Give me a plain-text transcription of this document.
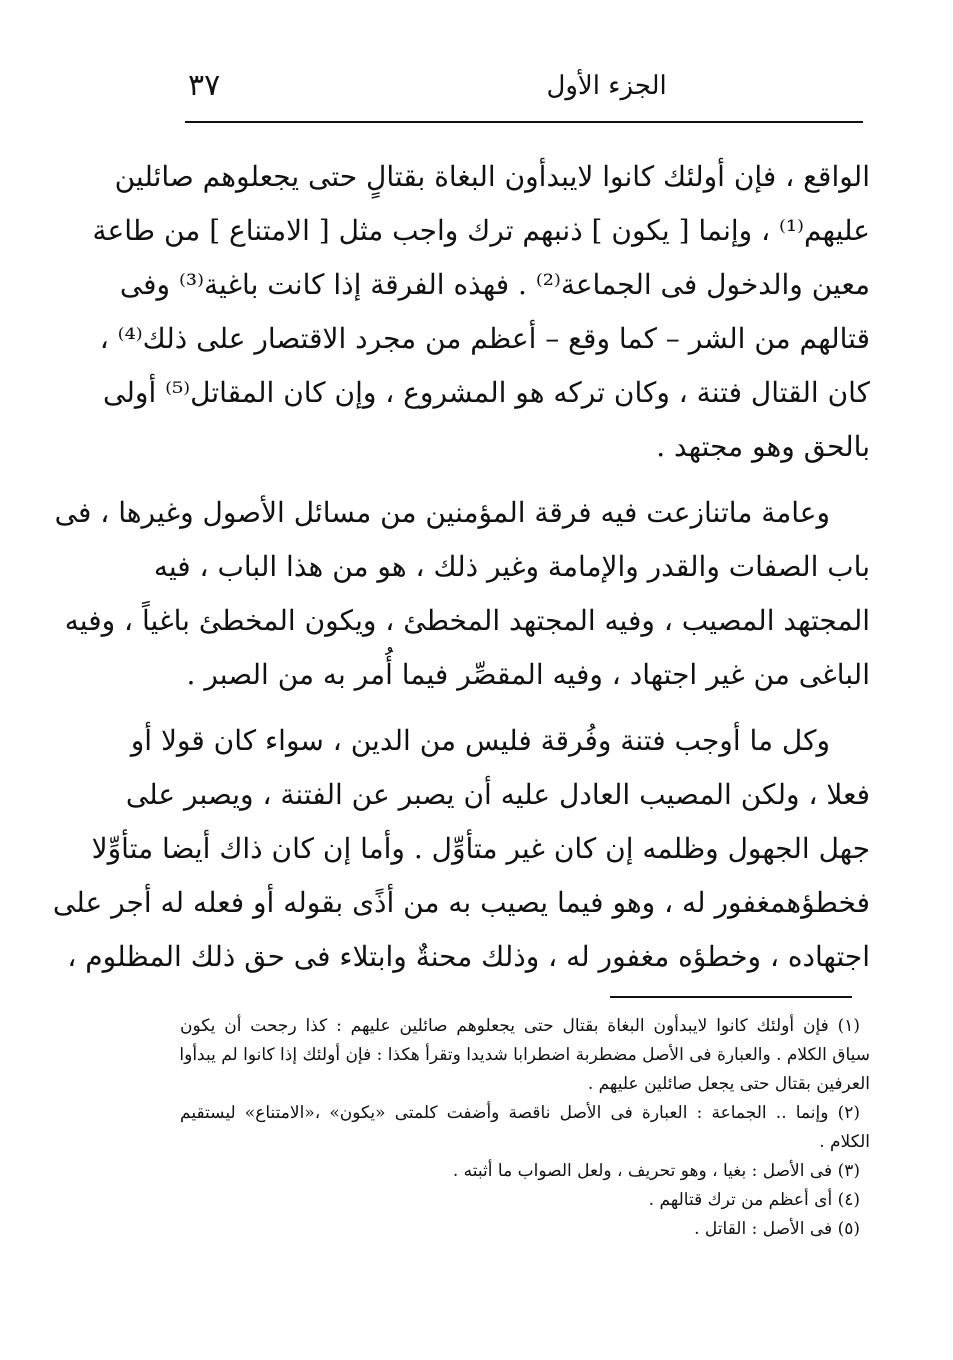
٣٧	الجزء الأول
الواقع ، فإن أولئك كانوا لايبدأون البغاة بقتالٍ حتى يجعلوهم صائلين
عليهم⁽¹⁾ ، وإنما [ يكون ] ذنبهم ترك واجب مثل [ الامتناع ] من طاعة
معين والدخول فى الجماعة⁽²⁾ . فهذه الفرقة إذا كانت باغية⁽³⁾ وفى
قتالهم من الشر – كما وقع – أعظم من مجرد الاقتصار على ذلك⁽⁴⁾ ،
كان القتال فتنة ، وكان تركه هو المشروع ، وإن كان المقاتل⁽⁵⁾ أولى
بالحق وهو مجتهد .
وعامة ماتنازعت فيه فرقة المؤمنين من مسائل الأصول وغيرها ، فى
باب الصفات والقدر والإمامة وغير ذلك ، هو من هذا الباب ، فيه
المجتهد المصيب ، وفيه المجتهد المخطئ ، ويكون المخطئ باغياً ، وفيه
الباغى من غير اجتهاد ، وفيه المقصِّر فيما أُمر به من الصبر .
وكل ما أوجب فتنة وفُرقة فليس من الدين ، سواء كان قولا أو
فعلا ، ولكن المصيب العادل عليه أن يصبر عن الفتنة ، ويصبر على
جهل الجهول وظلمه إن كان غير متأوِّل . وأما إن كان ذاك أيضا متأوِّلا
فخطؤهمغفور له ، وهو فيما يصيب به من أذًى بقوله أو فعله له أجر على
اجتهاده ، وخطؤه مغفور له ، وذلك محنةٌ وابتلاء فى حق ذلك المظلوم ،
(١) فإن أولئك كانوا لايبدأون البغاة بقتال حتى يجعلوهم صائلين عليهم : كذا رجحت أن يكون
سياق الكلام . والعبارة فى الأصل مضطربة اضطرابا شديدا وتقرأ هكذا : فإن أولئك إذا كانوا لم يبدأوا
العرفين بقتال حتى يجعل صائلين عليهم .
(٢) وإنما .. الجماعة : العبارة فى الأصل ناقصة وأضفت كلمتى «يكون» ،«الامتناع» ليستقيم
الكلام .
(٣) فى الأصل : بغيا ، وهو تحريف ، ولعل الصواب ما أثبته .
(٤) أى أعظم من ترك قتالهم .
(٥) فى الأصل : القاتل .
